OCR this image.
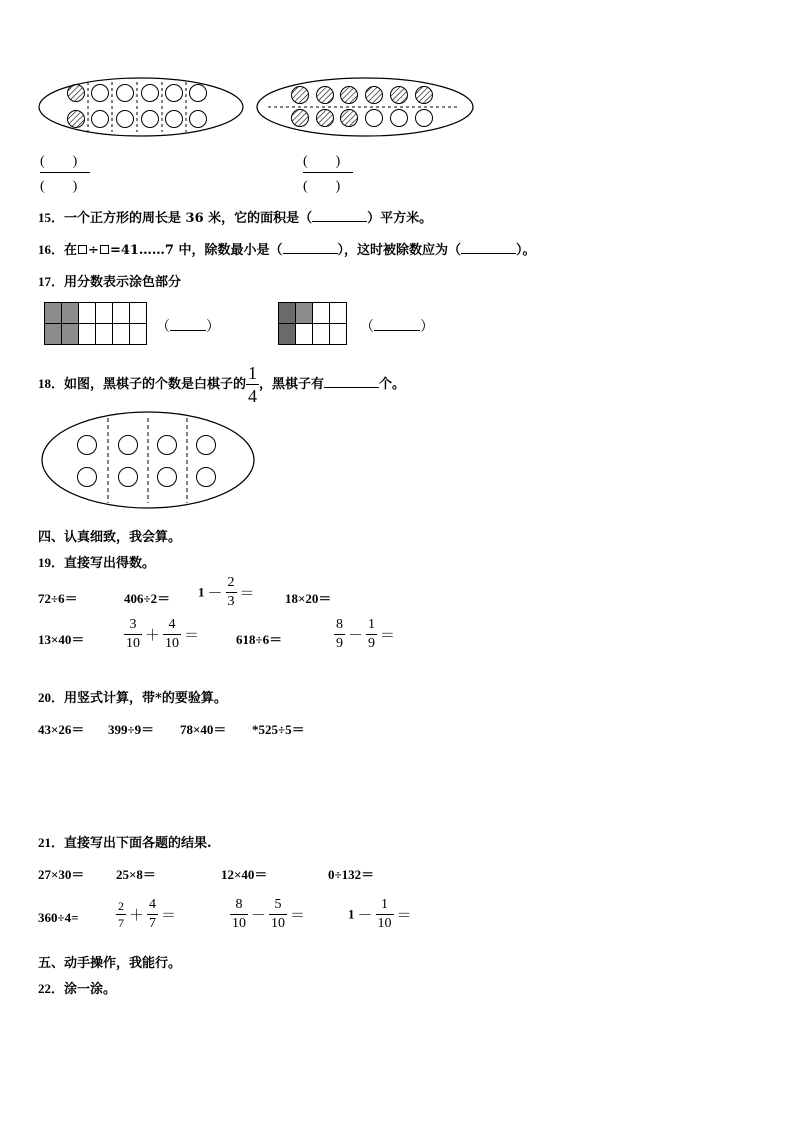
(　　)
(　　)
(　　)
(　　)
15．一个正方形的周长是 36 米，它的面积是（	）平方米。
16．在 ÷ =41……7 中，除数最小是（	），这时被除数应为（	）。
17．用分数表示涂色部分

（	）

				（	）
18．如图，黑棋子的个数是白棋子的 $\frac{1}{4}$ ，黑棋子有	个。
四、认真细致，我会算。
19．直接写出得数。
72÷6＝	$406\div 2= 1 - \frac{2}{3} = 18\times 20=$
13×40＝	$\frac{3}{10} + \frac{4}{10}$ ＝	618÷6＝	$\frac{8}{9} - \frac{1}{9}$ ＝
20．用竖式计算，带*的要验算。
43×26＝ 399÷9＝ 78×40＝ *525÷5＝
21．直接写出下面各题的结果.
27×30＝ 25×8＝	12×40＝	0÷132＝
360÷4=	$\frac{2}{7} + \frac{4}{7}$ ＝	$\frac{8}{10} - \frac{5}{10}$ ＝	$1 - \frac{1}{10}$ ＝
五、动手操作，我能行。
22．涂一涂。
